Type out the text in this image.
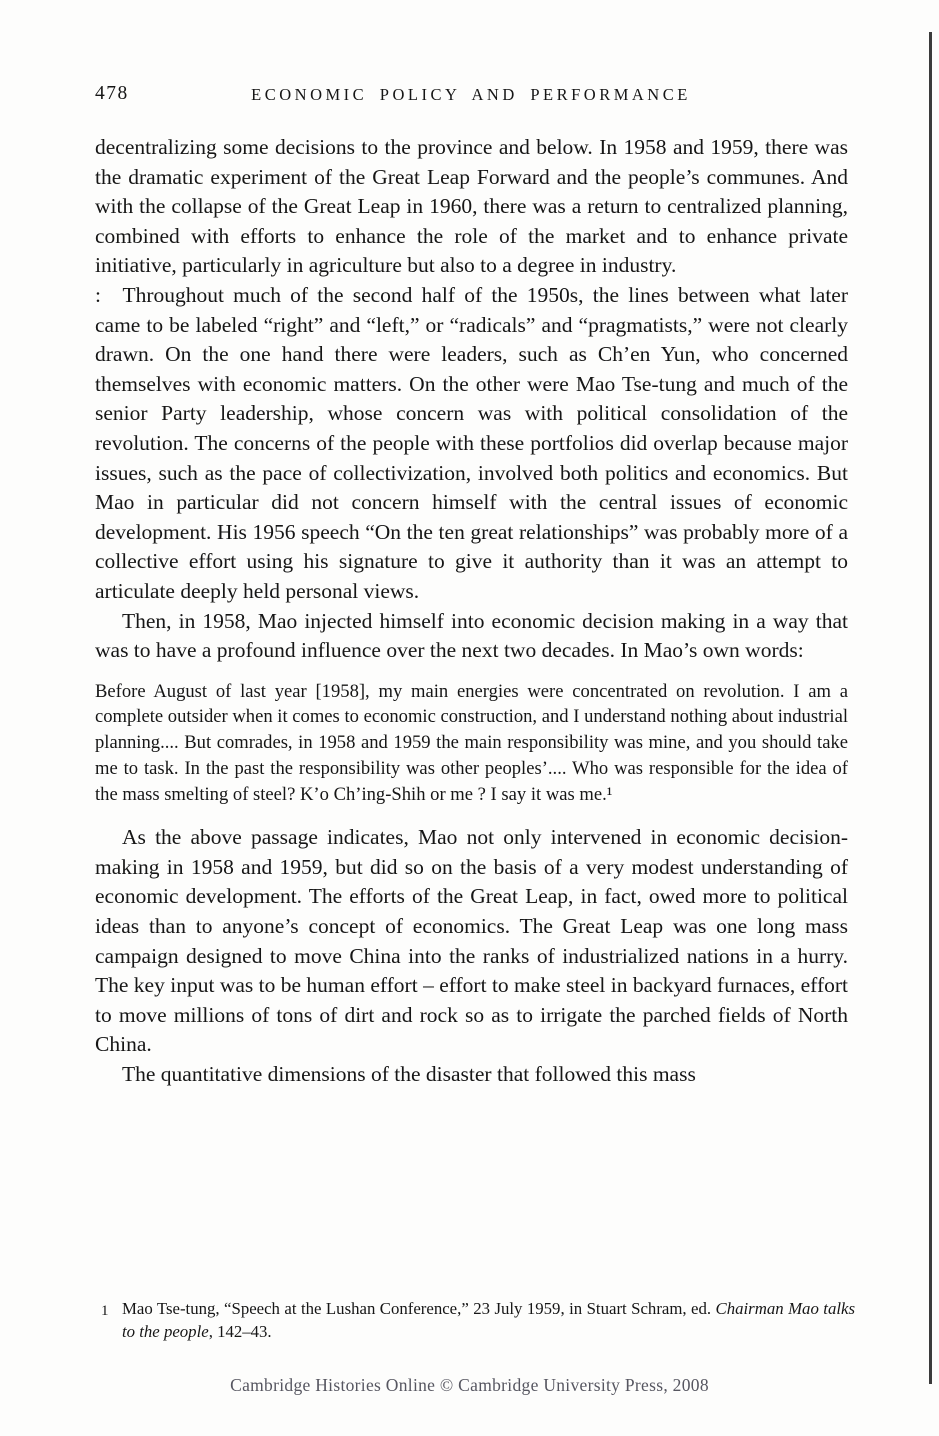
478	ECONOMIC POLICY AND PERFORMANCE

decentralizing some decisions to the province and below. In 1958 and 1959, there was the dramatic experiment of the Great Leap Forward and the people’s communes. And with the collapse of the Great Leap in 1960, there was a return to centralized planning, combined with efforts to enhance the role of the market and to enhance private initiative, particularly in agriculture but also to a degree in industry.

:  Throughout much of the second half of the 1950s, the lines between what later came to be labeled “right” and “left,” or “radicals” and “pragmatists,” were not clearly drawn. On the one hand there were leaders, such as Ch’en Yun, who concerned themselves with economic matters. On the other were Mao Tse-tung and much of the senior Party leadership, whose concern was with political consolidation of the revolution. The concerns of the people with these portfolios did overlap because major issues, such as the pace of collectivization, involved both politics and economics. But Mao in particular did not concern himself with the central issues of economic development. His 1956 speech “On the ten great relationships” was probably more of a collective effort using his signature to give it authority than it was an attempt to articulate deeply held personal views.

Then, in 1958, Mao injected himself into economic decision making in a way that was to have a profound influence over the next two decades. In Mao’s own words:

Before August of last year [1958], my main energies were concentrated on revolution. I am a complete outsider when it comes to economic construction, and I understand nothing about industrial planning.... But comrades, in 1958 and 1959 the main responsibility was mine, and you should take me to task. In the past the responsibility was other peoples’.... Who was responsible for the idea of the mass smelting of steel? K’o Ch’ing-Shih or me ? I say it was me.¹

As the above passage indicates, Mao not only intervened in economic decision-making in 1958 and 1959, but did so on the basis of a very modest understanding of economic development. The efforts of the Great Leap, in fact, owed more to political ideas than to anyone’s concept of economics. The Great Leap was one long mass campaign designed to move China into the ranks of industrialized nations in a hurry. The key input was to be human effort – effort to make steel in backyard furnaces, effort to move millions of tons of dirt and rock so as to irrigate the parched fields of North China.

The quantitative dimensions of the disaster that followed this mass

1 Mao Tse-tung, “Speech at the Lushan Conference,” 23 July 1959, in Stuart Schram, ed. Chairman Mao talks to the people, 142–43.
Cambridge Histories Online © Cambridge University Press, 2008
